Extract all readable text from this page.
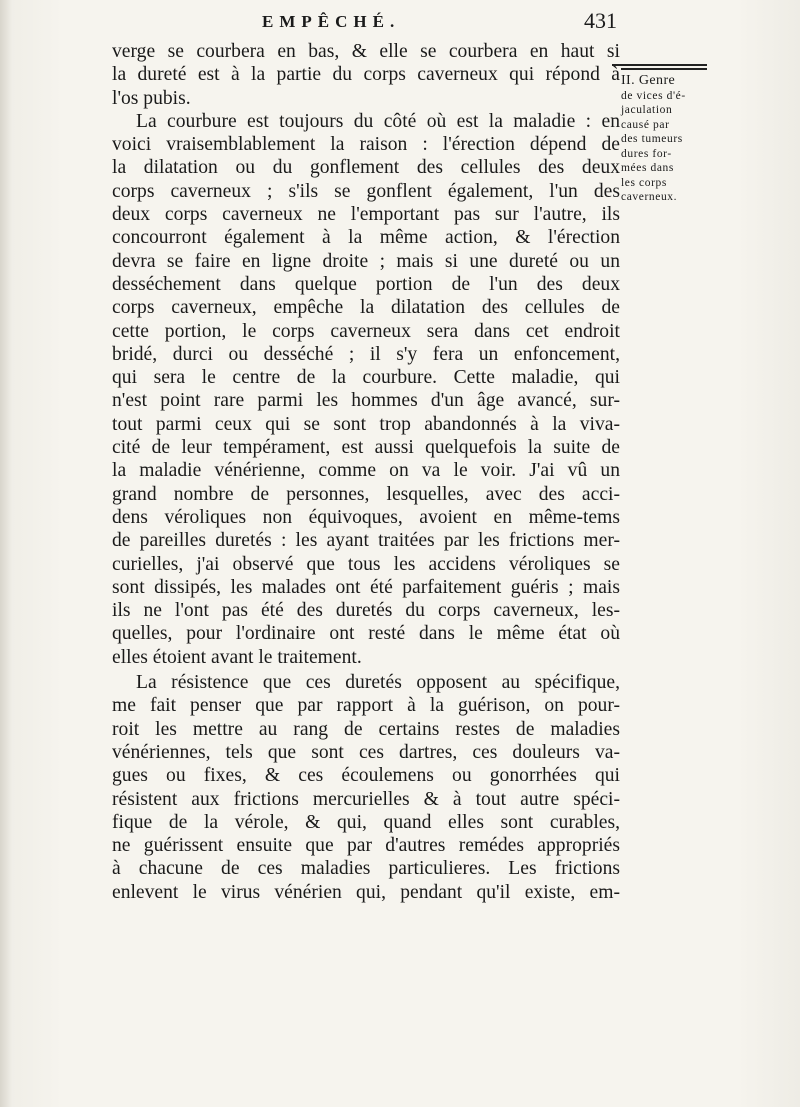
EMPÊCHÉ.	431
II. Genre
de vices d'é-
jaculation
causé par
des tumeurs
dures for-
mées dans
les corps
caverneux.
verge se courbera en bas, & elle se courbera en haut si
la dureté est à la partie du corps caverneux qui répond à
l'os pubis.
La courbure est toujours du côté où est la maladie : en
voici vraisemblablement la raison : l'érection dépend de
la dilatation ou du gonflement des cellules des deux
corps caverneux ; s'ils se gonflent également, l'un des
deux corps caverneux ne l'emportant pas sur l'autre, ils
concourront également à la même action, & l'érection
devra se faire en ligne droite ; mais si une dureté ou un
desséchement dans quelque portion de l'un des deux
corps caverneux, empêche la dilatation des cellules de
cette portion, le corps caverneux sera dans cet endroit
bridé, durci ou desséché ; il s'y fera un enfoncement,
qui sera le centre de la courbure. Cette maladie, qui
n'est point rare parmi les hommes d'un âge avancé, sur-
tout parmi ceux qui se sont trop abandonnés à la viva-
cité de leur tempérament, est aussi quelquefois la suite de
la maladie vénérienne, comme on va le voir. J'ai vû un
grand nombre de personnes, lesquelles, avec des acci-
dens véroliques non équivoques, avoient en même-tems
de pareilles duretés : les ayant traitées par les frictions mer-
curielles, j'ai observé que tous les accidens véroliques se
sont dissipés, les malades ont été parfaitement guéris ; mais
ils ne l'ont pas été des duretés du corps caverneux, les-
quelles, pour l'ordinaire ont resté dans le même état où
elles étoient avant le traitement.
La résistence que ces duretés opposent au spécifique,
me fait penser que par rapport à la guérison, on pour-
roit les mettre au rang de certains restes de maladies
vénériennes, tels que sont ces dartres, ces douleurs va-
gues ou fixes, & ces écoulemens ou gonorrhées qui
résistent aux frictions mercurielles & à tout autre spéci-
fique de la vérole, & qui, quand elles sont curables,
ne guérissent ensuite que par d'autres remédes appropriés
à chacune de ces maladies particulieres. Les frictions
enlevent le virus vénérien qui, pendant qu'il existe, em-
